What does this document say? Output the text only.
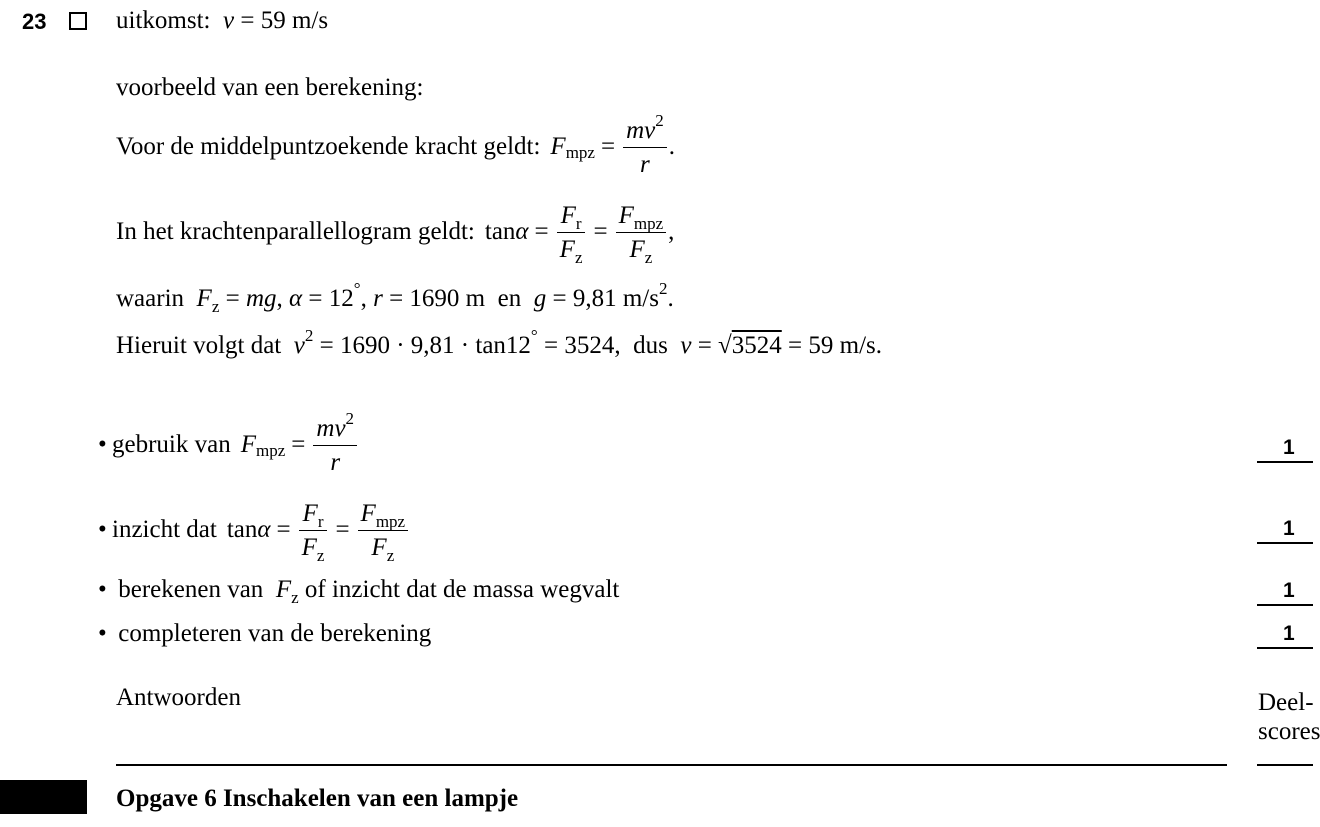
23	uitkomst:  v = 59 m/s
voorbeeld van een berekening:
Voor de middelpuntzoekende kracht geldt: F mpz = $\frac{mv^2}{r}$ .
In het krachtenparallellogram geldt: $\tan \alpha = \frac{F_r}{F_z} = \frac{F_{mpz}}{F_z}$ ,
waarin  $F_z$ = mg, α = 12°, r = 1690 m en g = 9,81 $m/s^2$.
Hieruit volgt dat  $v^2 = 1690 \cdot 9,81 \cdot \tan 12^\circ = 3524$, dus  v = √3524 = 59 m/s.
• gebruik van F mpz = $\frac{mv^2}{r}$
• inzicht dat $\tan \alpha = \frac{F_r}{F_z} = \frac{F_{mpz}}{F_z}$
• berekenen van  $F_z$ of inzicht dat de massa wegvalt
• completeren van de berekening
1
1
1
1
Antwoorden	Deel-
scores
Opgave 6 Inschakelen van een lampje
